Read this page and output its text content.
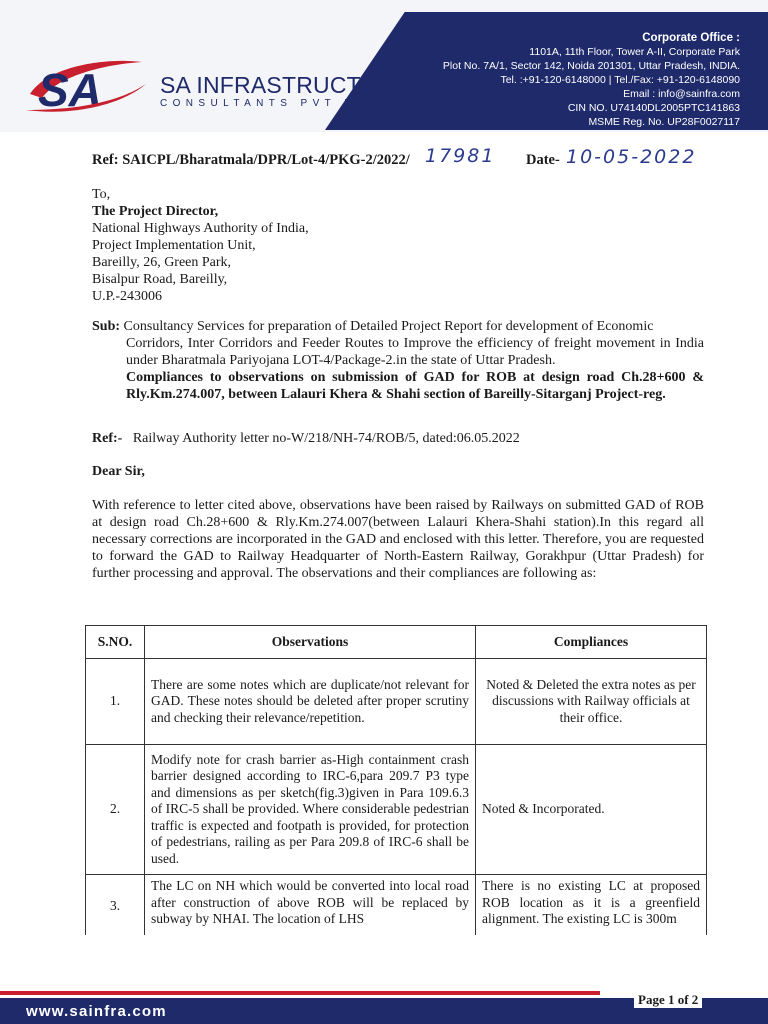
SA	SA INFRASTRUCTURE
CONSULTANTS PVT LTD
Corporate Office :
1101A, 11th Floor, Tower A-II, Corporate Park
Plot No. 7A/1, Sector 142, Noida 201301, Uttar Pradesh, INDIA.
Tel. :+91-120-6148000 | Tel./Fax: +91-120-6148090
Email : info@sainfra.com
CIN NO. U74140DL2005PTC141863
MSME Reg. No. UP28F0027117
Ref: SAICPL/Bharatmala/DPR/Lot-4/PKG-2/2022/ 17981 Date- 10-05-2022
To,
The Project Director,
National Highways Authority of India,
Project Implementation Unit,
Bareilly, 26, Green Park,
Bisalpur Road, Bareilly,
U.P.-243006
Sub: Consultancy Services for preparation of Detailed Project Report for development of Economic
Corridors, Inter Corridors and Feeder Routes to Improve the efficiency of freight movement in India under Bharatmala Pariyojana LOT-4/Package-2.in the state of Uttar Pradesh.
Compliances to observations on submission of GAD for ROB at design road Ch.28+600 & Rly.Km.274.007, between Lalauri Khera & Shahi section of Bareilly-Sitarganj Project-reg.
Ref:- Railway Authority letter no-W/218/NH-74/ROB/5, dated:06.05.2022
Dear Sir,
With reference to letter cited above, observations have been raised by Railways on submitted GAD of ROB at design road Ch.28+600 & Rly.Km.274.007(between Lalauri Khera-Shahi station).In this regard all necessary corrections are incorporated in the GAD and enclosed with this letter. Therefore, you are requested to forward the GAD to Railway Headquarter of North-Eastern Railway, Gorakhpur (Uttar Pradesh) for further processing and approval. The observations and their compliances are following as:
S.NO.	Observations	Compliances
1.	There are some notes which are duplicate/not relevant for GAD. These notes should be deleted after proper scrutiny and checking their relevance/repetition.	Noted & Deleted the extra notes as per discussions with Railway officials at their office.
2.	Modify note for crash barrier as-High containment crash barrier designed according to IRC-6,para 209.7 P3 type and dimensions as per sketch(fig.3)given in Para 109.6.3 of IRC-5 shall be provided. Where considerable pedestrian traffic is expected and footpath is provided, for protection of pedestrians, railing as per Para 209.8 of IRC-6 shall be used.	Noted & Incorporated.
3.	The LC on NH which would be converted into local road after construction of above ROB will be replaced by subway by NHAI. The location of LHS	There is no existing LC at proposed ROB location as it is a greenfield alignment. The existing LC is 300m
www.sainfra.com
Page 1 of 2
